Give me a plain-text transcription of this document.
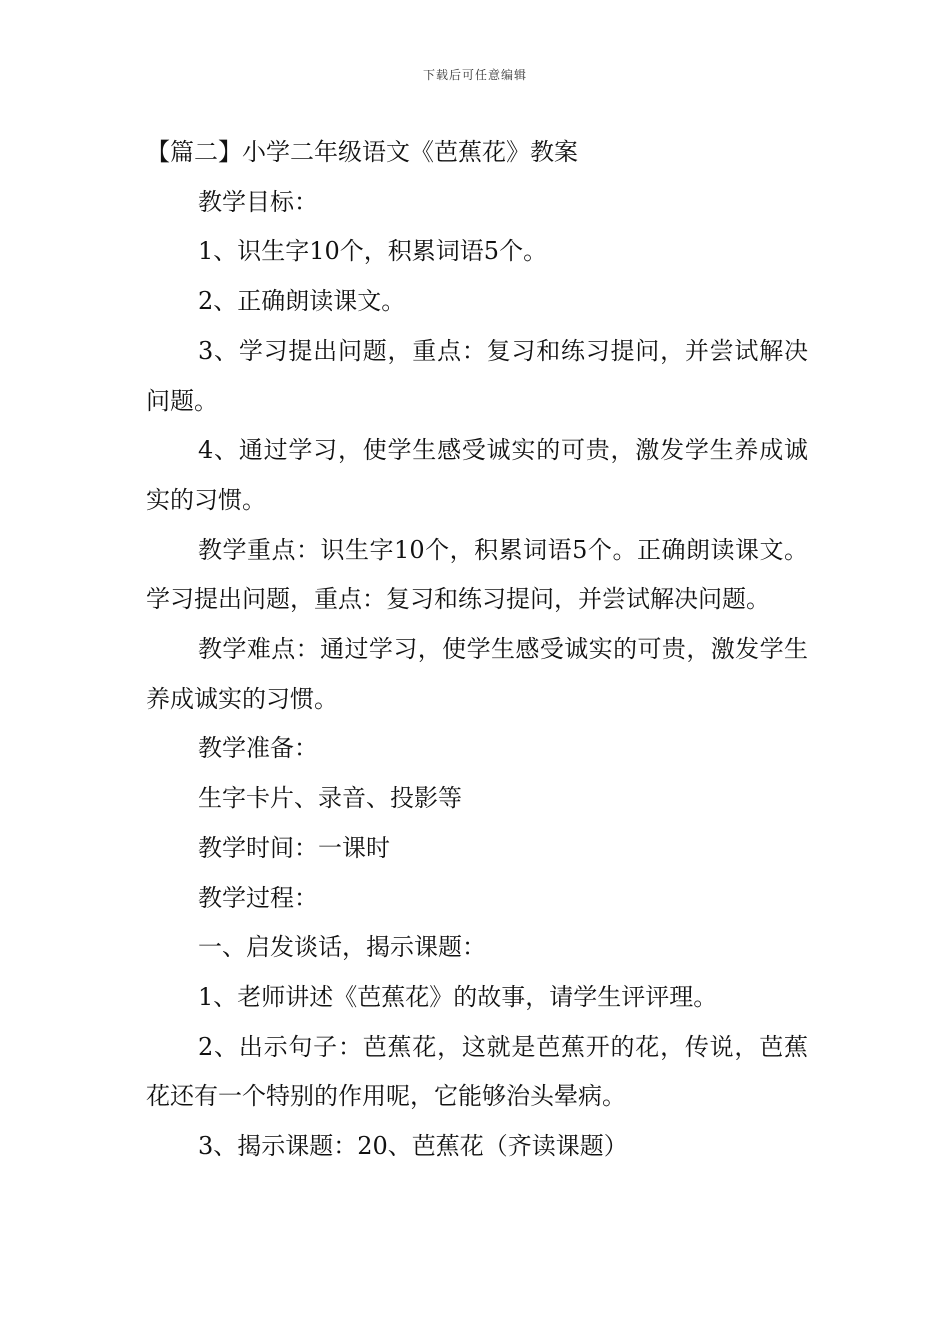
下载后可任意编辑
【篇二】小学二年级语文《芭蕉花》教案

教学目标：

1、识生字10个，积累词语5个。

2、正确朗读课文。

3、学习提出问题，重点：复习和练习提问，并尝试解决问题。

4、通过学习，使学生感受诚实的可贵，激发学生养成诚实的习惯。

教学重点：识生字10个，积累词语5个。正确朗读课文。学习提出问题，重点：复习和练习提问，并尝试解决问题。

教学难点：通过学习，使学生感受诚实的可贵，激发学生养成诚实的习惯。

教学准备：

生字卡片、录音、投影等

教学时间：一课时

教学过程：

一、启发谈话，揭示课题：

1、老师讲述《芭蕉花》的故事，请学生评评理。

2、出示句子：芭蕉花，这就是芭蕉开的花，传说，芭蕉花还有一个特别的作用呢，它能够治头晕病。

3、揭示课题：20、芭蕉花（齐读课题）
